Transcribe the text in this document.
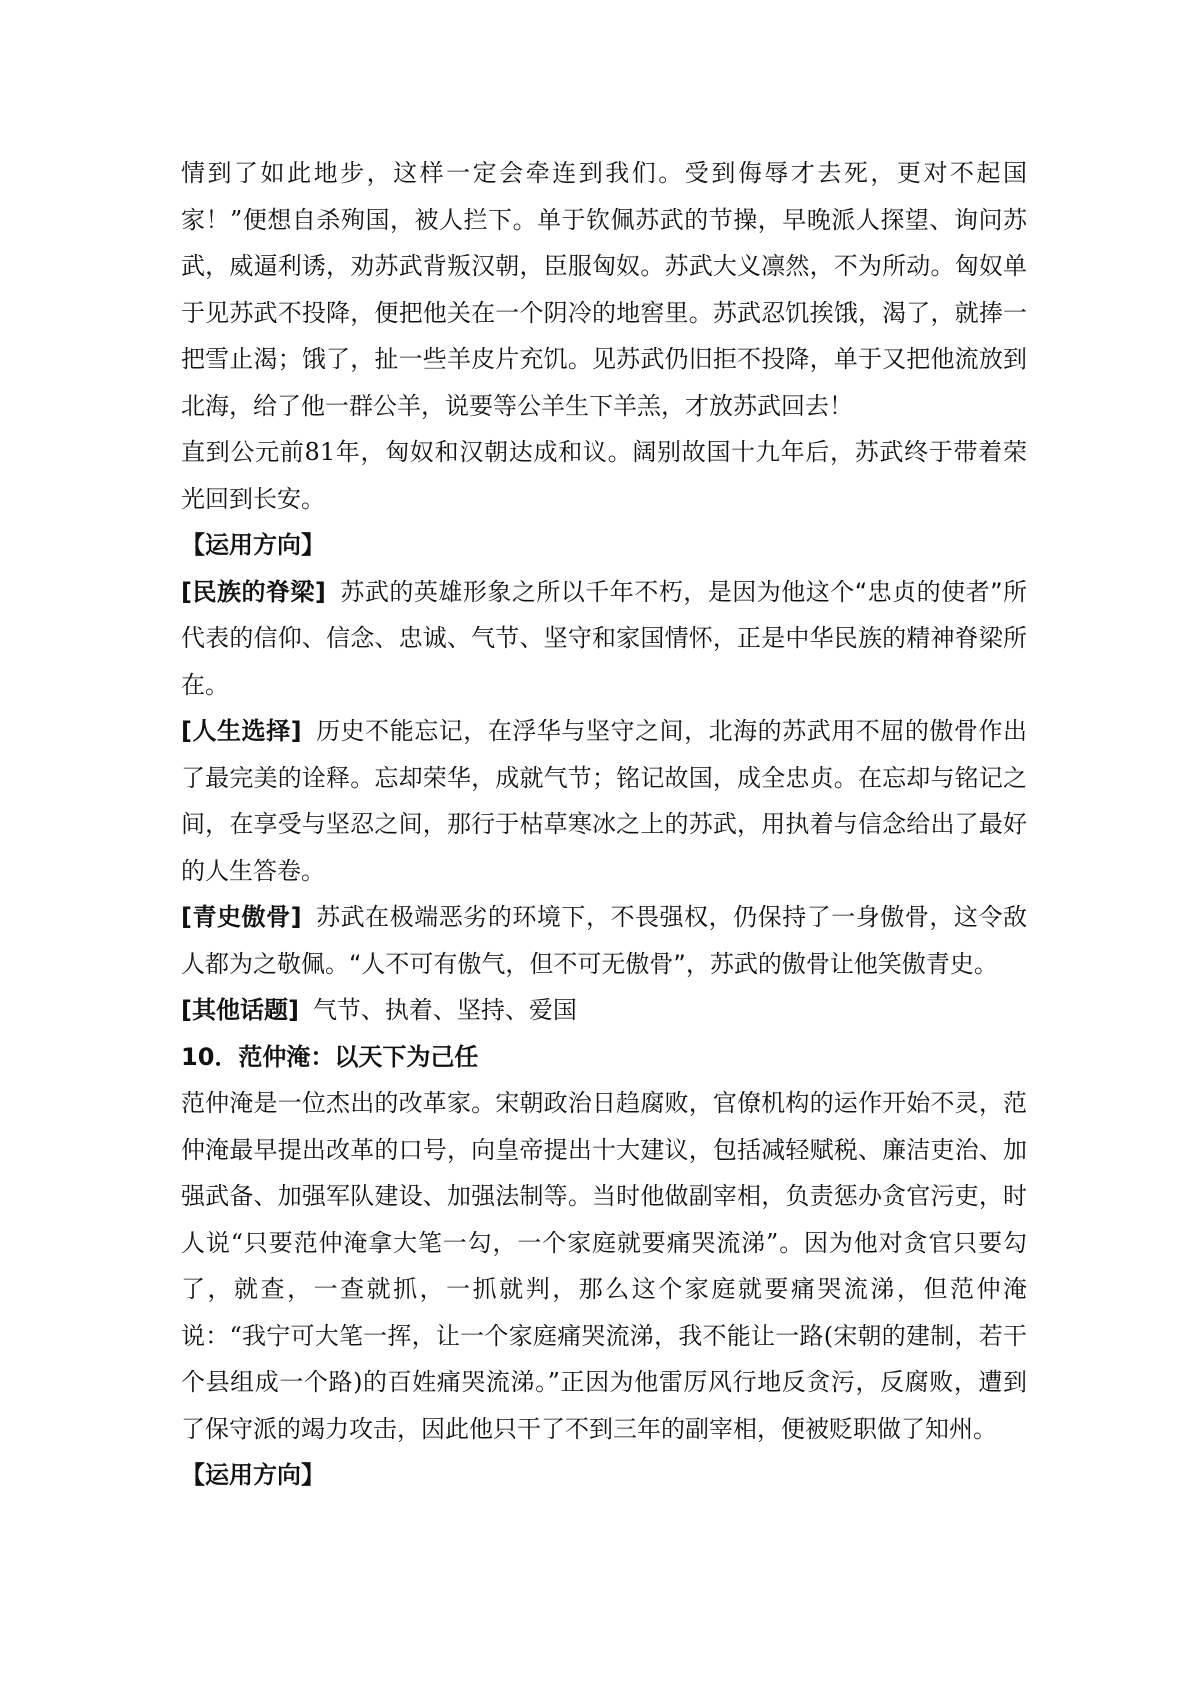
情到了如此地步，这样一定会牵连到我们。受到侮辱才去死，更对不起国家！”便想自杀殉国，被人拦下。单于钦佩苏武的节操，早晚派人探望、询问苏武，威逼利诱，劝苏武背叛汉朝，臣服匈奴。苏武大义凛然，不为所动。匈奴单于见苏武不投降，便把他关在一个阴冷的地窖里。苏武忍饥挨饿，渴了，就捧一把雪止渴；饿了，扯一些羊皮片充饥。见苏武仍旧拒不投降，单于又把他流放到北海，给了他一群公羊，说要等公羊生下羊羔，才放苏武回去！

直到公元前81年，匈奴和汉朝达成和议。阔别故国十九年后，苏武终于带着荣光回到长安。

【运用方向】

[民族的脊梁] 苏武的英雄形象之所以千年不朽，是因为他这个“忠贞的使者”所代表的信仰、信念、忠诚、气节、坚守和家国情怀，正是中华民族的精神脊梁所在。

[人生选择] 历史不能忘记，在浮华与坚守之间，北海的苏武用不屈的傲骨作出了最完美的诠释。忘却荣华，成就气节；铭记故国，成全忠贞。在忘却与铭记之间，在享受与坚忍之间，那行于枯草寒冰之上的苏武，用执着与信念给出了最好的人生答卷。

[青史傲骨] 苏武在极端恶劣的环境下，不畏强权，仍保持了一身傲骨，这令敌人都为之敬佩。“人不可有傲气，但不可无傲骨”，苏武的傲骨让他笑傲青史。

[其他话题] 气节、执着、坚持、爱国

10．范仲淹：以天下为己任

范仲淹是一位杰出的改革家。宋朝政治日趋腐败，官僚机构的运作开始不灵，范仲淹最早提出改革的口号，向皇帝提出十大建议，包括减轻赋税、廉洁吏治、加强武备、加强军队建设、加强法制等。当时他做副宰相，负责惩办贪官污吏，时人说“只要范仲淹拿大笔一勾，一个家庭就要痛哭流涕”。因为他对贪官只要勾了，就查，一查就抓，一抓就判，那么这个家庭就要痛哭流涕，但范仲淹说：“我宁可大笔一挥，让一个家庭痛哭流涕，我不能让一路(宋朝的建制，若干个县组成一个路)的百姓痛哭流涕。”正因为他雷厉风行地反贪污，反腐败，遭到了保守派的竭力攻击，因此他只干了不到三年的副宰相，便被贬职做了知州。

【运用方向】
